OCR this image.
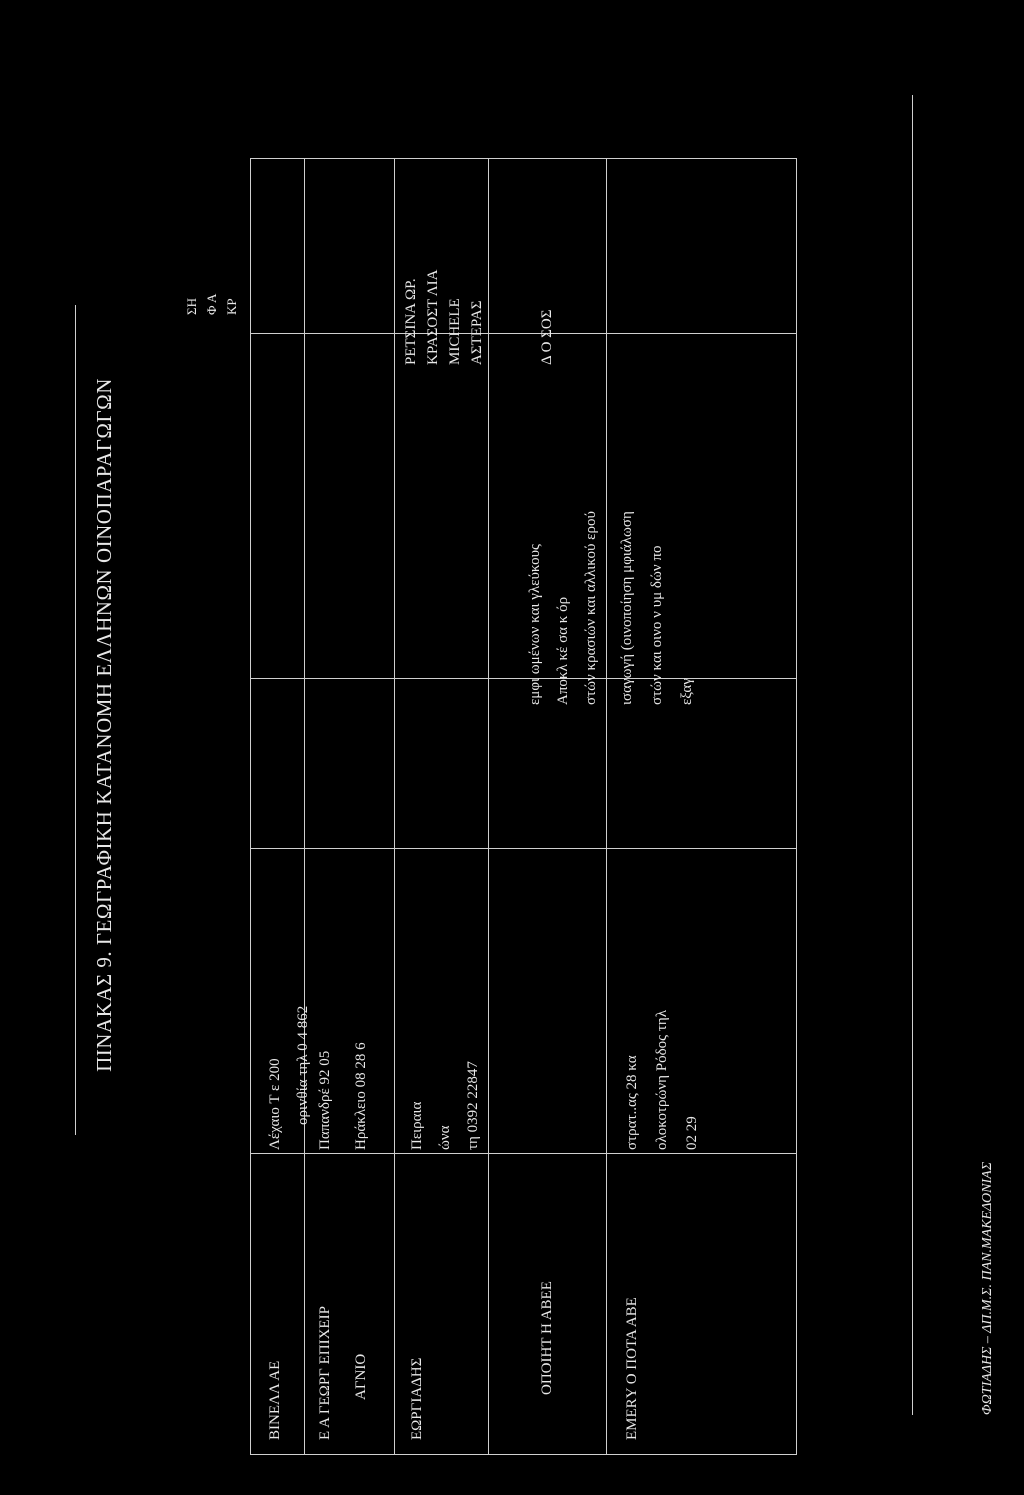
ΠΙΝΑΚΑΣ 9. ΓΕΩΓΡΑΦΙΚΗ ΚΑΤΑΝΟΜΗ ΕΛΛΗΝΩΝ ΟΙΝΟΠΑΡΑΓΩΓΩΝ
ΣΗ Φ Α ΚΡ
ΒΙΝΕΛΛ ΑΕ
Λέχαιο Τ ε 200 οριvθία τηλ 0 4 862
Ε Α ΓΕΩΡΓ ΕΠΙΧΕΙΡ ΑΓΝΙΟ
Παπανδρέ 92 05 Ηράκλειο 08 28 6
ΕΩΡΓΙΑΔΗΣ
Πειραια ώνα τη 0392 22847
ΡΕΤΣΙΝΑ ΩΡ. ΚΡΑΣΟΣΤ ΛΙΑ MICHELE ΑΣΤΕΡΑΣ
ΟΠΟΙΗΤ Η ΑΒΕΕ
εμφι ωμένων και γλεύκους Αποκλ κέ σα κ όρ στών κρασιών και αλλικού ερού
Δ Ο ΣΟΣ
ΕΜΕRΥ Ο ΠΟΤΑ ΑΒΕ
στρατ..ας 28 κα ολοκοτρώνη Ρόδος τηλ 02 29
ισαγωγή (οινοποίηση μφιάλωση στών και οινο ν υμ δών πο εξαγ
ΦΩΤΙΑΔΗΣ – ΔΠ.Μ.Σ. ΠΑΝ.ΜΑΚΕΔΟΝΙΑΣ
